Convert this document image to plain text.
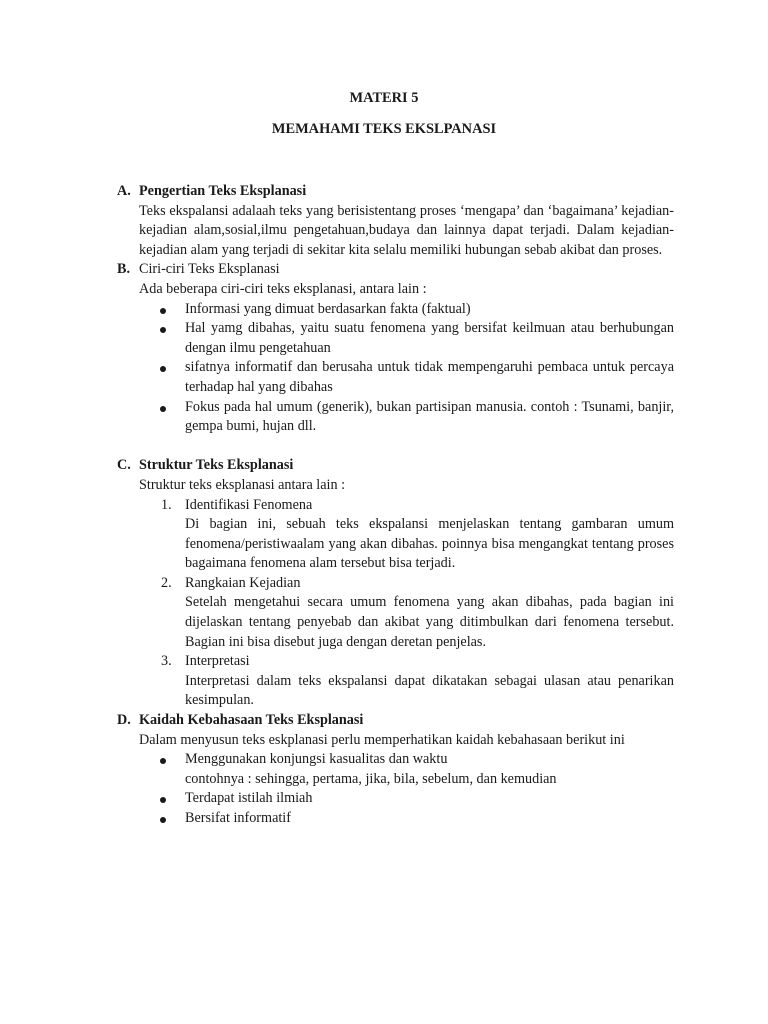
MATERI 5
MEMAHAMI TEKS EKSLPANASI
A. Pengertian Teks Eksplanasi

Teks ekspalansi adalaah teks yang berisistentang proses ‘mengapa’ dan ‘bagaimana’ kejadian-kejadian alam,sosial,ilmu pengetahuan,budaya dan lainnya dapat terjadi. Dalam kejadian-kejadian alam yang terjadi di sekitar kita selalu memiliki hubungan sebab akibat dan proses.

B. Ciri-ciri Teks Eksplanasi

Ada beberapa ciri-ciri teks eksplanasi, antara lain :

Informasi yang dimuat berdasarkan fakta (faktual)
Hal yamg dibahas, yaitu suatu fenomena yang bersifat keilmuan atau berhubungan dengan ilmu pengetahuan
sifatnya informatif dan berusaha untuk tidak mempengaruhi pembaca untuk percaya terhadap hal yang dibahas
Fokus pada hal umum (generik), bukan partisipan manusia. contoh : Tsunami, banjir, gempa bumi, hujan dll.
C. Struktur Teks Eksplanasi

Struktur teks eksplanasi antara lain :

1. Identifikasi Fenomena
Di bagian ini, sebuah teks ekspalansi menjelaskan tentang gambaran umum fenomena/peristiwaalam yang akan dibahas. poinnya bisa mengangkat tentang proses bagaimana fenomena alam tersebut bisa terjadi.
2. Rangkaian Kejadian
Setelah mengetahui secara umum fenomena yang akan dibahas, pada bagian ini dijelaskan tentang penyebab dan akibat yang ditimbulkan dari fenomena tersebut. Bagian ini bisa disebut juga dengan deretan penjelas.
3. Interpretasi
Interpretasi dalam teks ekspalansi dapat dikatakan sebagai ulasan atau penarikan kesimpulan.
D. Kaidah Kebahasaan Teks Eksplanasi

Dalam menyusun teks eskplanasi perlu memperhatikan kaidah kebahasaan berikut ini

Menggunakan konjungsi kasualitas dan waktu
contohnya : sehingga, pertama, jika, bila, sebelum, dan kemudian
Terdapat istilah ilmiah
Bersifat informatif
